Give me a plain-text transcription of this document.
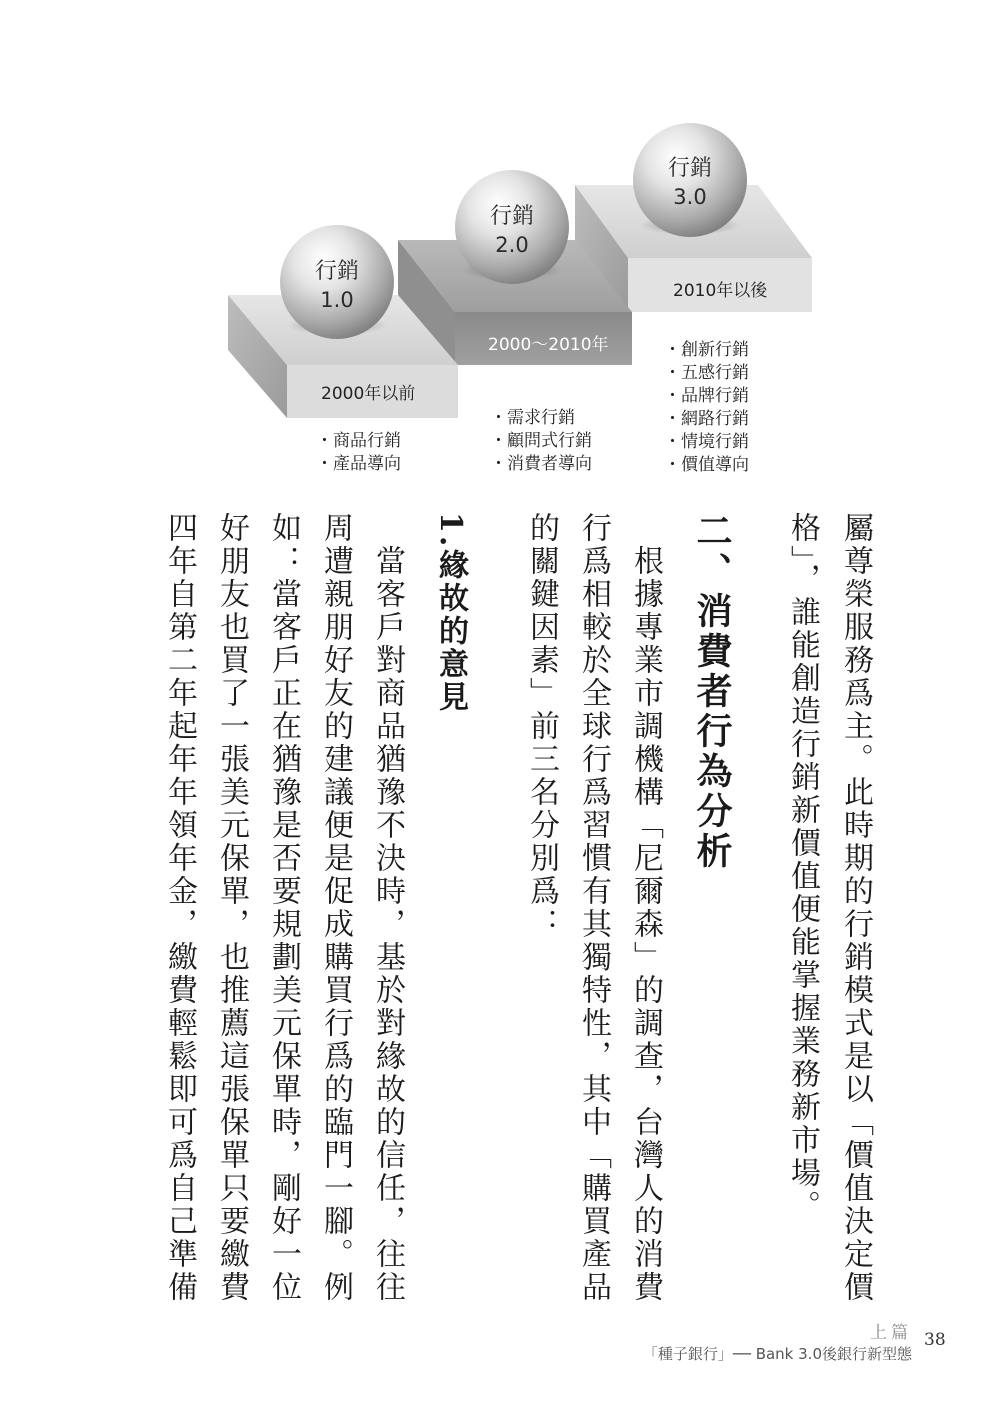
行銷
1.0
行銷
2.0
行銷
3.0
2000年以前
2000～2010年
2010年以後
・ 商品行銷
・ 產品導向
・ 需求行銷
・ 顧問式行銷
・ 消費者導向
・ 創新行銷
・ 五感行銷
・ 品牌行銷
・ 網路行銷
・ 情境行銷
・ 價值導向
屬尊榮服務爲主。此時期的行銷模式是以「價值決定價
格」，誰能創造行銷新價值便能掌握業務新市場。
二、消費者行為分析
　根據專業市調機構「尼爾森」的調查，台灣人的消費
行爲相較於全球行爲習慣有其獨特性，其中「購買產品
的關鍵因素」前三名分別爲：
1.緣故的意見
　當客戶對商品猶豫不決時，基於對緣故的信任，往往
周遭親朋好友的建議便是促成購買行爲的臨門一腳。例
如：當客戶正在猶豫是否要規劃美元保單時，剛好一位
好朋友也買了一張美元保單，也推薦這張保單只要繳費
四年自第二年起年年領年金，繳費輕鬆即可爲自己準備
上篇
「種子銀行」── Bank 3.0後銀行新型態
38
